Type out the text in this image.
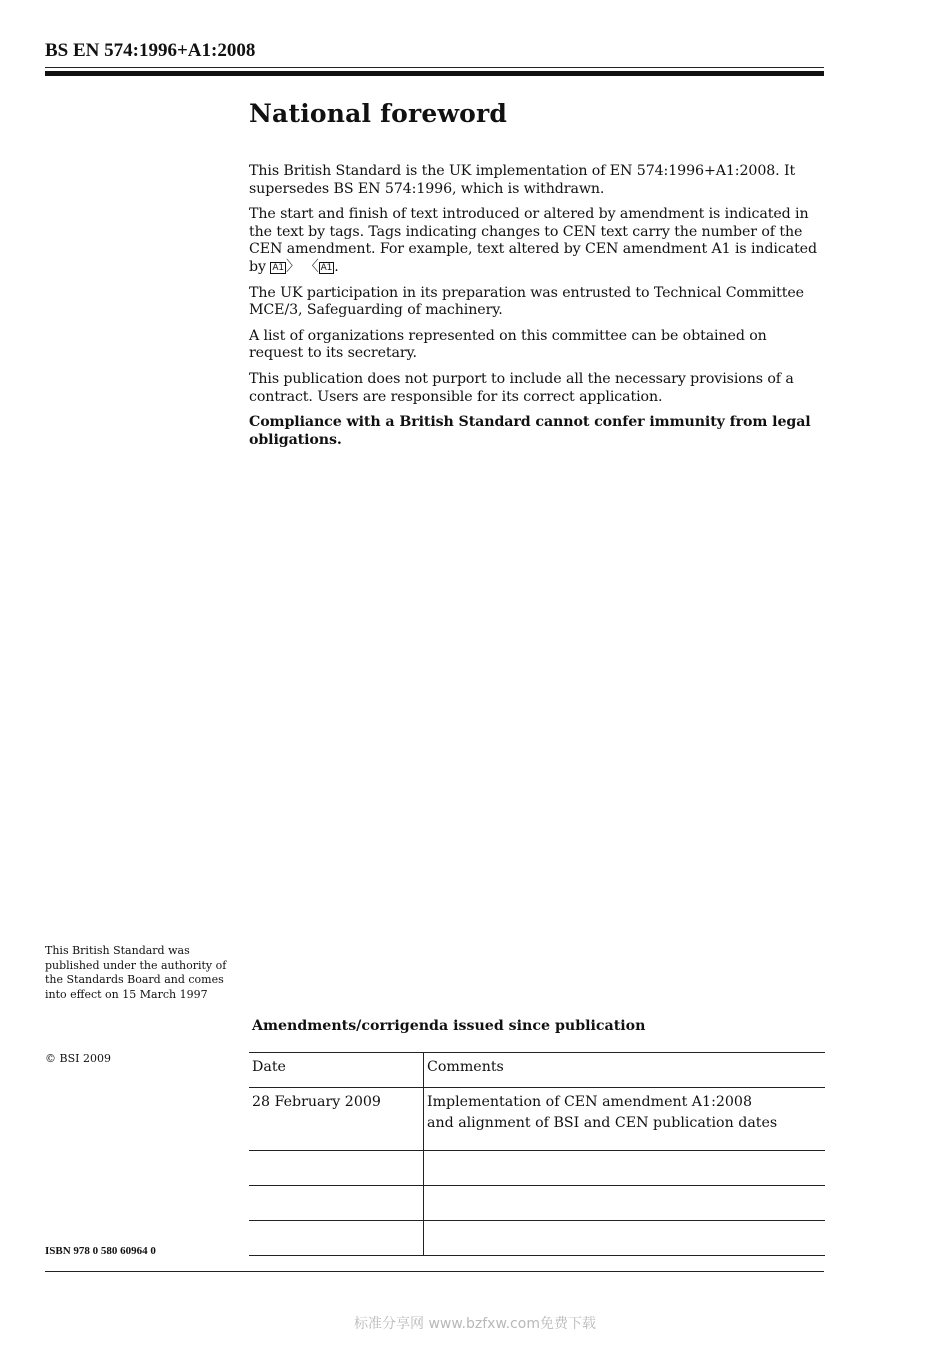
BS EN 574:1996+A1:2008
National foreword

This British Standard is the UK implementation of EN 574:1996+A1:2008. It supersedes BS EN 574:1996, which is withdrawn.

The start and finish of text introduced or altered by amendment is indicated in the text by tags. Tags indicating changes to CEN text carry the number of the CEN amendment. For example, text altered by CEN amendment A1 is indicated by A1 〉 〈 A1 .

The UK participation in its preparation was entrusted to Technical Committee MCE/3, Safeguarding of machinery.

A list of organizations represented on this committee can be obtained on request to its secretary.

This publication does not purport to include all the necessary provisions of a contract. Users are responsible for its correct application.

Compliance with a British Standard cannot confer immunity from legal obligations.

This British Standard was published under the authority of the Standards Board and comes into effect on 15 March 1997
© BSI 2009
ISBN 978 0 580 60964 0
Amendments/corrigenda issued since publication
Date	Comments
28 February 2009	Implementation of CEN amendment A1:2008
and alignment of BSI and CEN publication dates

标准分享网 www.bzfxw.com免费下载
